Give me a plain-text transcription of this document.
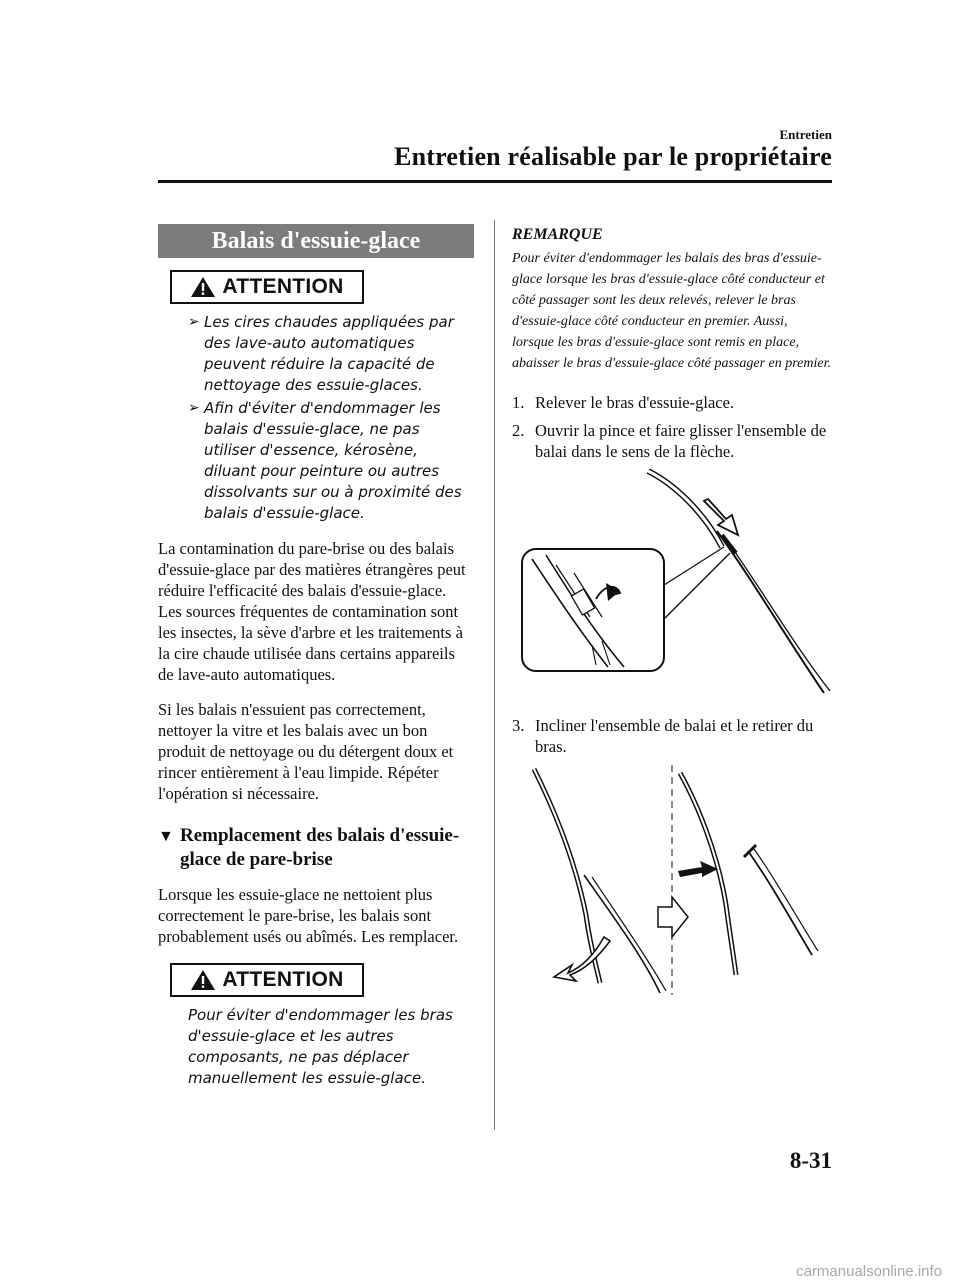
Entretien
Entretien réalisable par le propriétaire
Balais d'essuie-glace
ATTENTION
➢ Les cires chaudes appliquées par des lave-auto automatiques peuvent réduire la capacité de nettoyage des essuie-glaces.
➢ Afin d'éviter d'endommager les balais d'essuie-glace, ne pas utiliser d'essence, kérosène, diluant pour peinture ou autres dissolvants sur ou à proximité des balais d'essuie-glace.

La contamination du pare-brise ou des balais d'essuie-glace par des matières étrangères peut réduire l'efficacité des balais d'essuie-glace. Les sources fréquentes de contamination sont les insectes, la sève d'arbre et les traitements à la cire chaude utilisée dans certains appareils de lave-auto automatiques.

Si les balais n'essuient pas correctement, nettoyer la vitre et les balais avec un bon produit de nettoyage ou du détergent doux et rincer entièrement à l'eau limpide. Répéter l'opération si nécessaire.

▼ Remplacement des balais d'essuie-glace de pare-brise

Lorsque les essuie-glace ne nettoient plus correctement le pare-brise, les balais sont probablement usés ou abîmés. Les remplacer.

ATTENTION
Pour éviter d'endommager les bras d'essuie-glace et les autres composants, ne pas déplacer manuellement les essuie-glace.
REMARQUE
Pour éviter d'endommager les balais des bras d'essuie-glace lorsque les bras d'essuie-glace côté conducteur et côté passager sont les deux relevés, relever le bras d'essuie-glace côté conducteur en premier. Aussi, lorsque les bras d'essuie-glace sont remis en place, abaisser le bras d'essuie-glace côté passager en premier.
1. Relever le bras d'essuie-glace.
2. Ouvrir la pince et faire glisser l'ensemble de balai dans le sens de la flèche.
3. Incliner l'ensemble de balai et le retirer du bras.
8-31
carmanualsonline.info
